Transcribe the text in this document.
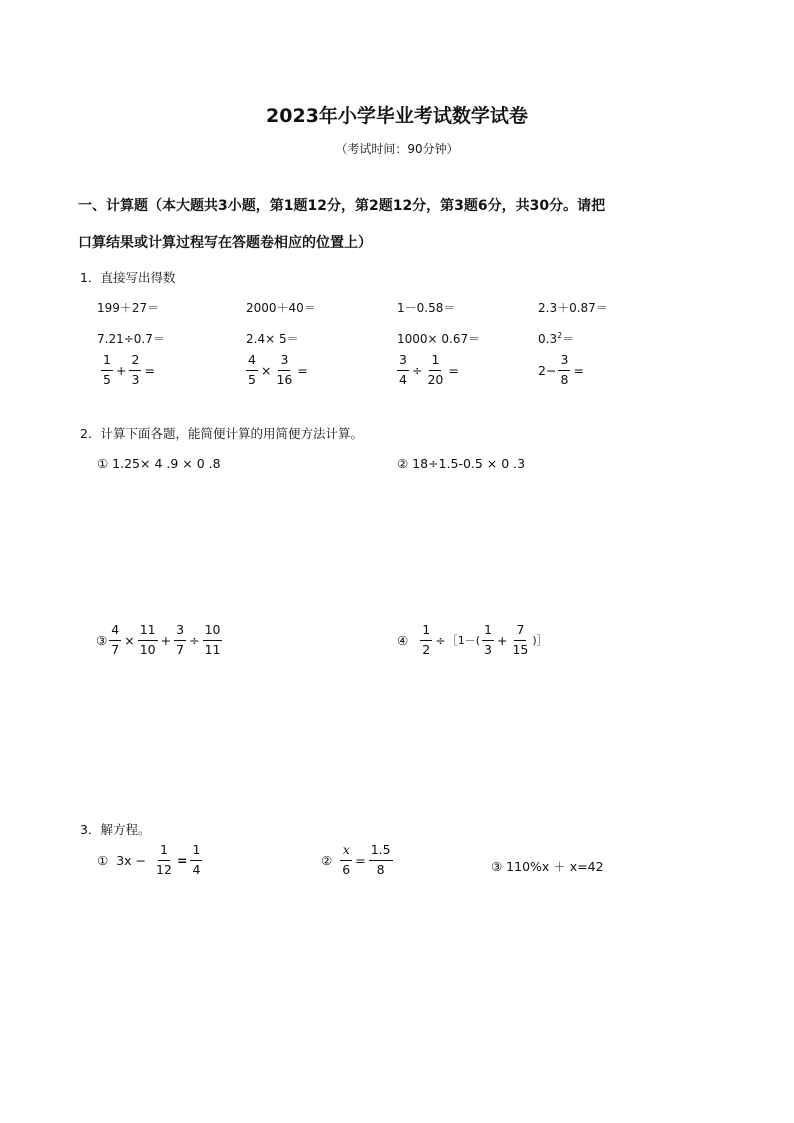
2023年小学毕业考试数学试卷
（考试时间：90分钟）
一、计算题（本大题共3小题，第1题12分，第2题12分，第3题6分，共30分。请把
口算结果或计算过程写在答题卷相应的位置上）
1．直接写出得数
199＋27＝	2000＋40＝	1－0.58＝	2.3＋0.87＝
7.21÷0.7＝	2.4× 5＝	1000× 0.67＝	$0.3^2=$
$\frac{1}{5} + \frac{2}{3}$ =	$\frac{4}{5} \times \frac{3}{16}$ =	$\frac{3}{4} \div \frac{1}{20}$ =	$2- \frac{3}{8}$ =
2．计算下面各题，能简便计算的用简便方法计算。
① 1.25× 4 .9 × 0 .8	② 18÷1.5-0.5 × 0 .3
③ $\frac{4}{7} \times \frac{11}{10} + \frac{3}{7} \div \frac{10}{11}$	④ $\frac{1}{2}$ ÷ ［1－( $\frac{1}{3} + \frac{7}{15}$ )］
3．解方程。
① $3x - \frac{1}{12} = \frac{1}{4}$	② $\frac{x}{6} = \frac{1.5}{8}$	③ 110%x ＋ x=42
